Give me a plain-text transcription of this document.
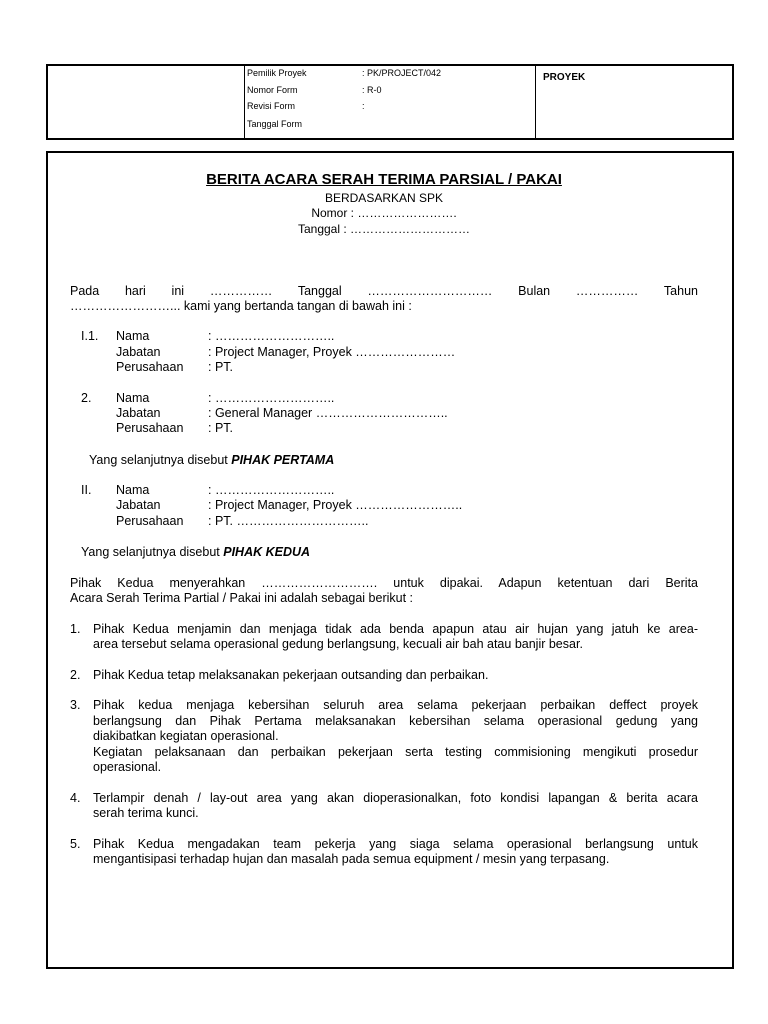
Pemilik Proyek	: PK/PROJECT/042
Nomor Form	: R-0
Revisi Form	:
Tanggal Form
PROYEK
BERITA ACARA SERAH TERIMA PARSIAL / PAKAI
BERDASARKAN SPK
Nomor : …………………….
Tanggal : …………………………
Pada hari ini …………… Tanggal ………………………… Bulan …………… Tahun
……………………... kami yang bertanda tangan di bawah ini :
I.1. Nama	: ………………………..
Jabatan	: Project Manager, Proyek ……………………
Perusahaan : PT.
2. Nama	: ………………………..
Jabatan	: General Manager …………………………..
Perusahaan : PT.
Yang selanjutnya disebut PIHAK PERTAMA
II. Nama	: ………………………..
Jabatan	: Project Manager, Proyek ……………………..
Perusahaan : PT. …………………………..
Yang selanjutnya disebut PIHAK KEDUA
Pihak Kedua menyerahkan ………………………. untuk dipakai. Adapun ketentuan dari Berita
Acara Serah Terima Partial / Pakai ini adalah sebagai berikut :
1. Pihak Kedua menjamin dan menjaga tidak ada benda apapun atau air hujan yang jatuh ke area-
area tersebut selama operasional gedung berlangsung, kecuali air bah atau banjir besar.
2. Pihak Kedua tetap melaksanakan pekerjaan outsanding dan perbaikan.
3. Pihak kedua menjaga kebersihan seluruh area selama pekerjaan perbaikan deffect proyek
berlangsung dan Pihak Pertama melaksanakan kebersihan selama operasional gedung yang
diakibatkan kegiatan operasional.
Kegiatan pelaksanaan dan perbaikan pekerjaan serta testing commisioning mengikuti prosedur
operasional.
4. Terlampir denah / lay-out area yang akan dioperasionalkan, foto kondisi lapangan & berita acara
serah terima kunci.
5. Pihak Kedua mengadakan team pekerja yang siaga selama operasional berlangsung untuk
mengantisipasi terhadap hujan dan masalah pada semua equipment / mesin yang terpasang.
